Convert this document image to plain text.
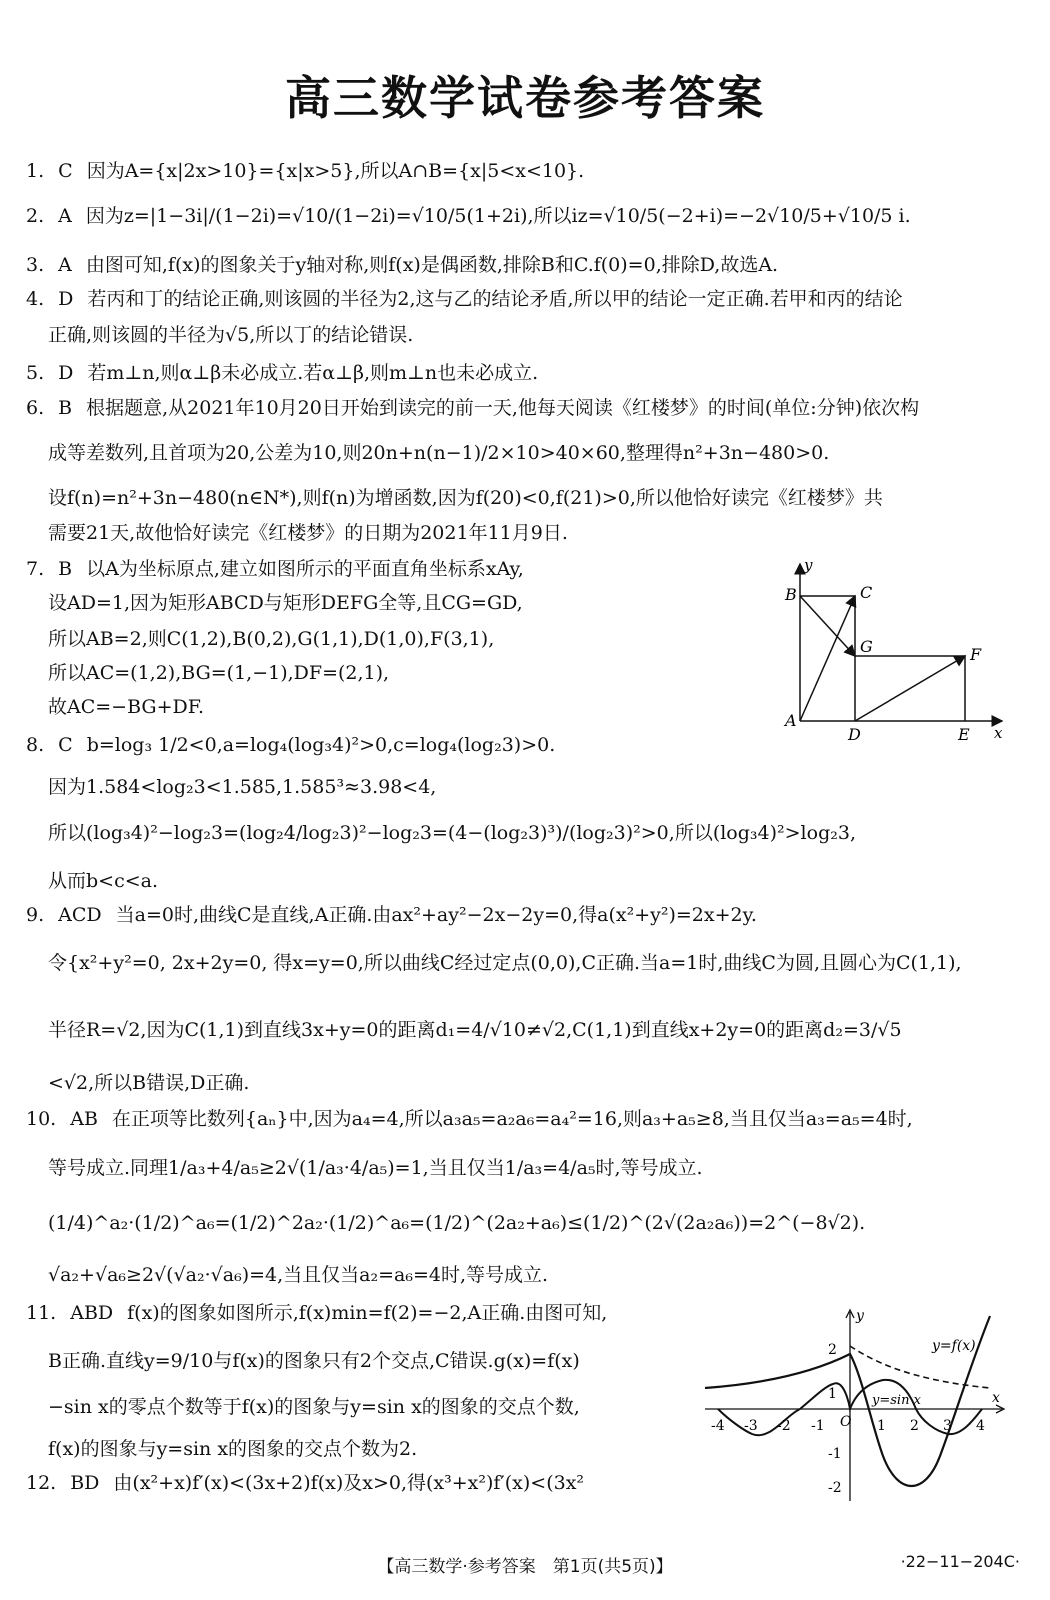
高三数学试卷参考答案
1. C 因为A={x|2x>10}={x|x>5},所以A∩B={x|5<x<10}.
2. A 因为z=|1−3i|/(1−2i)=√10/(1−2i)=√10/5(1+2i),所以iz=√10/5(−2+i)=−2√10/5+√10/5 i.
3. A 由图可知,f(x)的图象关于y轴对称,则f(x)是偶函数,排除B和C.f(0)=0,排除D,故选A.
4. D 若丙和丁的结论正确,则该圆的半径为2,这与乙的结论矛盾,所以甲的结论一定正确.若甲和丙的结论
正确,则该圆的半径为√5,所以丁的结论错误.
5. D 若m⊥n,则α⊥β未必成立.若α⊥β,则m⊥n也未必成立.
6. B 根据题意,从2021年10月20日开始到读完的前一天,他每天阅读《红楼梦》的时间(单位:分钟)依次构
成等差数列,且首项为20,公差为10,则20n+n(n−1)/2×10>40×60,整理得n²+3n−480>0.
设f(n)=n²+3n−480(n∈N*),则f(n)为增函数,因为f(20)<0,f(21)>0,所以他恰好读完《红楼梦》共
需要21天,故他恰好读完《红楼梦》的日期为2021年11月9日.
7. B 以A为坐标原点,建立如图所示的平面直角坐标系xAy,
设AD=1,因为矩形ABCD与矩形DEFG全等,且CG=GD,
所以AB=2,则C(1,2),B(0,2),G(1,1),D(1,0),F(3,1),
所以AC=(1,2),BG=(1,−1),DF=(2,1),
故AC=−BG+DF.
8. C b=log₃ 1/2<0,a=log₄(log₃4)²>0,c=log₄(log₂3)>0.
因为1.584<log₂3<1.585,1.585³≈3.98<4,
所以(log₃4)²−log₂3=(log₂4/log₂3)²−log₂3=(4−(log₂3)³)/(log₂3)²>0,所以(log₃4)²>log₂3,
从而b<c<a.
9. ACD 当a=0时,曲线C是直线,A正确.由ax²+ay²−2x−2y=0,得a(x²+y²)=2x+2y.
令{x²+y²=0, 2x+2y=0, 得x=y=0,所以曲线C经过定点(0,0),C正确.当a=1时,曲线C为圆,且圆心为C(1,1),
半径R=√2,因为C(1,1)到直线3x+y=0的距离d₁=4/√10≠√2,C(1,1)到直线x+2y=0的距离d₂=3/√5
<√2,所以B错误,D正确.
10. AB 在正项等比数列{aₙ}中,因为a₄=4,所以a₃a₅=a₂a₆=a₄²=16,则a₃+a₅≥8,当且仅当a₃=a₅=4时,
等号成立.同理1/a₃+4/a₅≥2√(1/a₃·4/a₅)=1,当且仅当1/a₃=4/a₅时,等号成立.
(1/4)^a₂·(1/2)^a₆=(1/2)^2a₂·(1/2)^a₆=(1/2)^(2a₂+a₆)≤(1/2)^(2√(2a₂a₆))=2^(−8√2).
√a₂+√a₆≥2√(√a₂·√a₆)=4,当且仅当a₂=a₆=4时,等号成立.
11. ABD f(x)的图象如图所示,f(x)min=f(2)=−2,A正确.由图可知,
B正确.直线y=9/10与f(x)的图象只有2个交点,C错误.g(x)=f(x)
−sin x的零点个数等于f(x)的图象与y=sin x的图象的交点个数,
f(x)的图象与y=sin x的图象的交点个数为2.
12. BD 由(x²+x)f′(x)<(3x+2)f(x)及x>0,得(x³+x²)f′(x)<(3x²
y
x
A
B	C
D	E
F
G
y
x
O
y=f(x)
y=sin x
-4 -3 -2 -1	1 2 3 4
2
1
-1
-2
【高三数学·参考答案　第1页(共5页)】	·22−11−204C·
